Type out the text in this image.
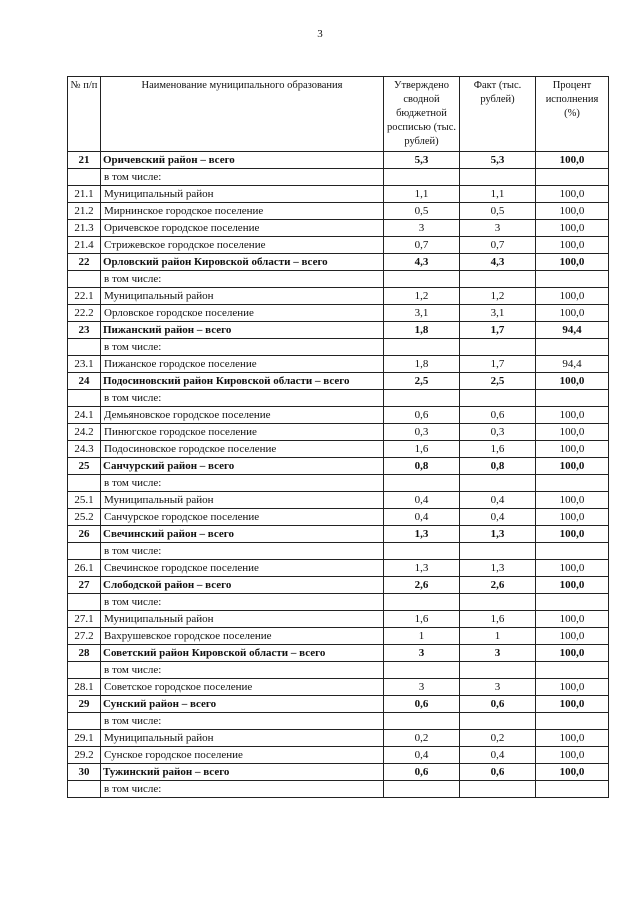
3
№ п/п	Наименование муниципального образования	Утверждено сводной бюджетной росписью (тыс. рублей)	Факт (тыс. рублей)	Процент исполнения (%)
21	Оричевский район – всего	5,3	5,3	100,0
	в том числе:			
21.1	Муниципальный район	1,1	1,1	100,0
21.2	Мирнинское городское поселение	0,5	0,5	100,0
21.3	Оричевское городское поселение	3	3	100,0
21.4	Стрижевское городское поселение	0,7	0,7	100,0
22	Орловский район Кировской области – всего	4,3	4,3	100,0
	в том числе:			
22.1	Муниципальный район	1,2	1,2	100,0
22.2	Орловское городское поселение	3,1	3,1	100,0
23	Пижанский район – всего	1,8	1,7	94,4
	в том числе:			
23.1	Пижанское городское поселение	1,8	1,7	94,4
24	Подосиновский район Кировской области – всего	2,5	2,5	100,0
	в том числе:			
24.1	Демьяновское городское поселение	0,6	0,6	100,0
24.2	Пинюгское городское поселение	0,3	0,3	100,0
24.3	Подосиновское городское поселение	1,6	1,6	100,0
25	Санчурский район – всего	0,8	0,8	100,0
	в том числе:			
25.1	Муниципальный район	0,4	0,4	100,0
25.2	Санчурское городское поселение	0,4	0,4	100,0
26	Свечинский район – всего	1,3	1,3	100,0
	в том числе:			
26.1	Свечинское городское поселение	1,3	1,3	100,0
27	Слободской район – всего	2,6	2,6	100,0
	в том числе:			
27.1	Муниципальный район	1,6	1,6	100,0
27.2	Вахрушевское городское поселение	1	1	100,0
28	Советский район Кировской области – всего	3	3	100,0
	в том числе:			
28.1	Советское городское поселение	3	3	100,0
29	Сунский район – всего	0,6	0,6	100,0
	в том числе:			
29.1	Муниципальный район	0,2	0,2	100,0
29.2	Сунское городское поселение	0,4	0,4	100,0
30	Тужинский район – всего	0,6	0,6	100,0
	в том числе:			
